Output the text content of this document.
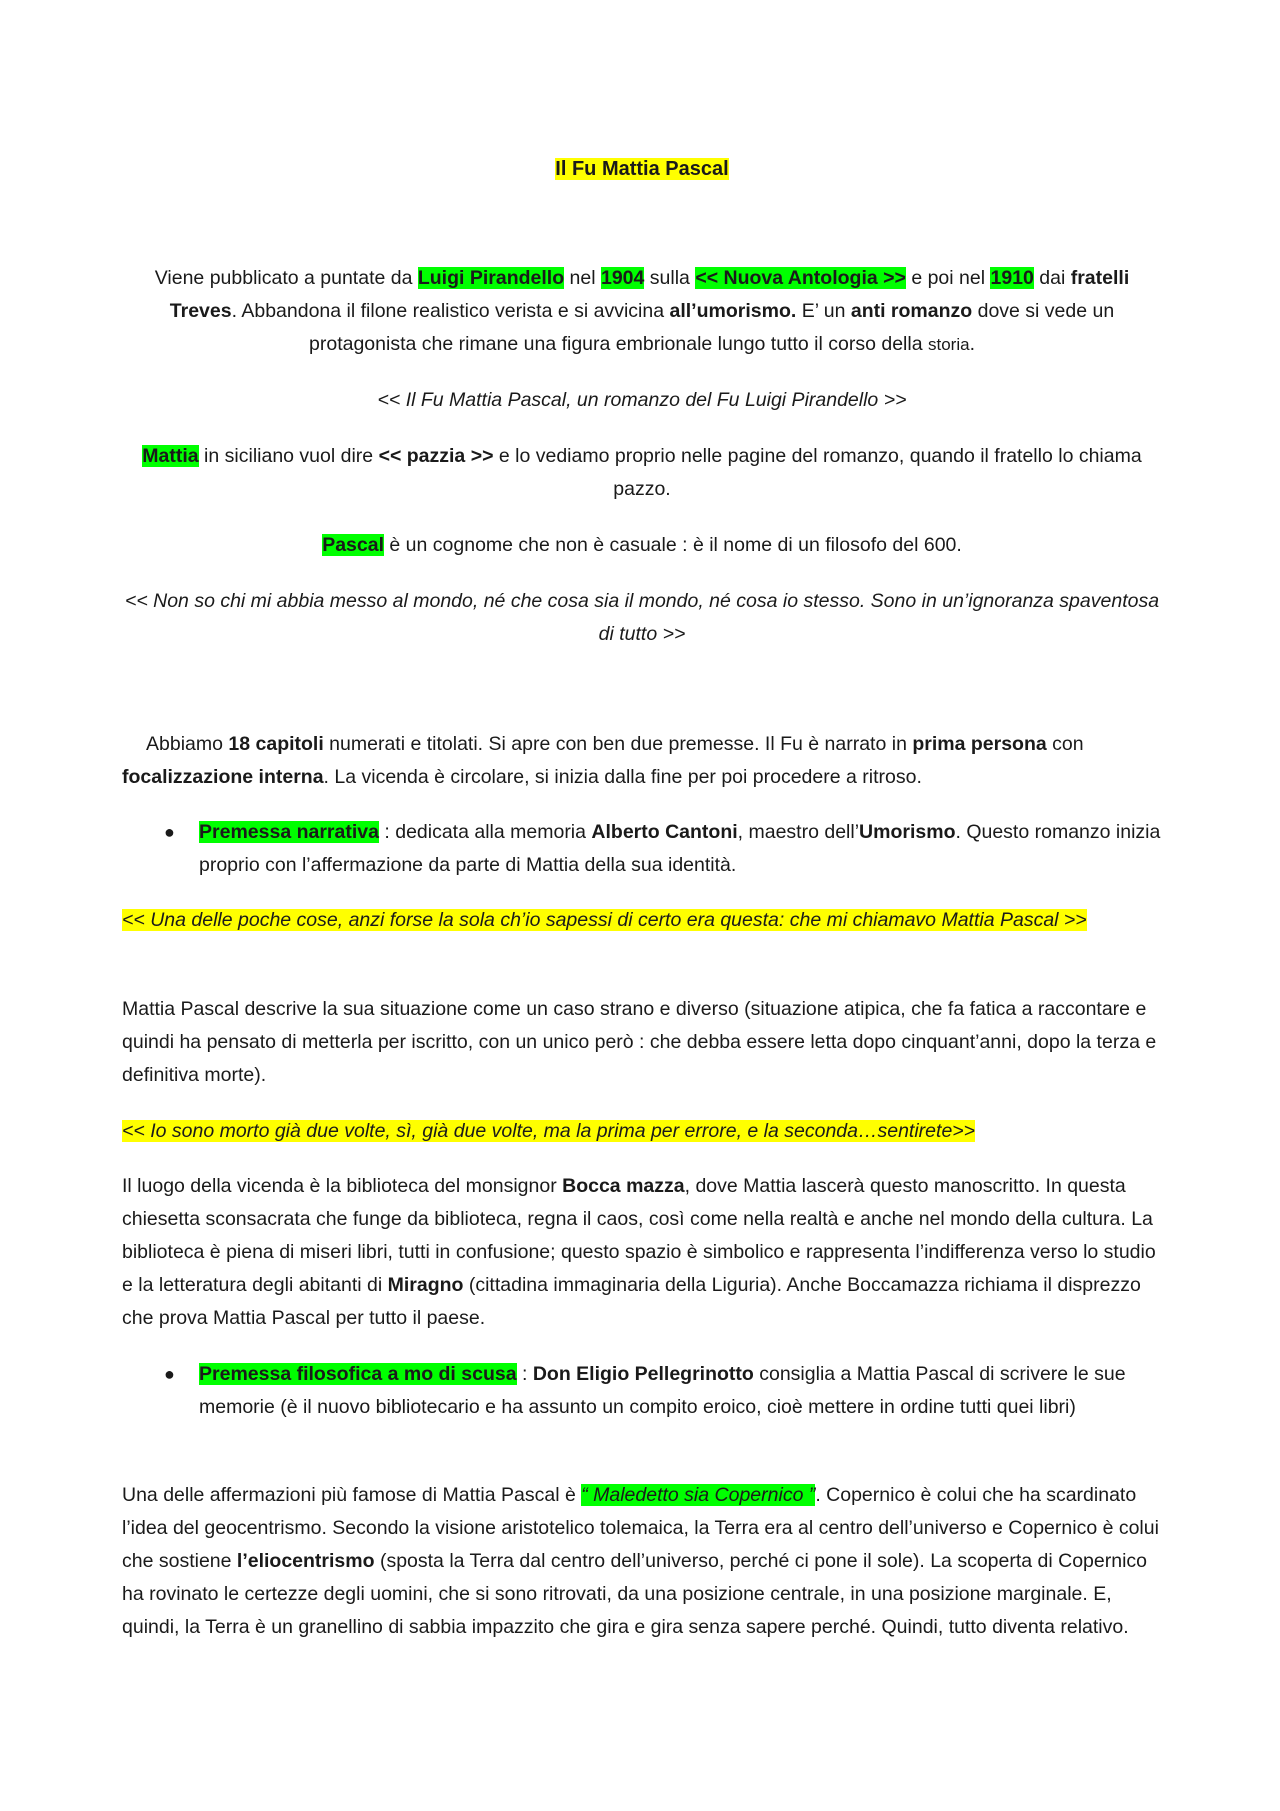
Il Fu Mattia Pascal

Viene pubblicato a puntate da Luigi Pirandello nel 1904 sulla << Nuova Antologia >> e poi nel 1910 dai fratelli Treves. Abbandona il filone realistico verista e si avvicina all’umorismo. E’ un anti romanzo dove si vede un protagonista che rimane una figura embrionale lungo tutto il corso della storia.

<< Il Fu Mattia Pascal, un romanzo del Fu Luigi Pirandello >>

Mattia in siciliano vuol dire << pazzia >> e lo vediamo proprio nelle pagine del romanzo, quando il fratello lo chiama pazzo.

Pascal è un cognome che non è casuale : è il nome di un filosofo del 600.

<< Non so chi mi abbia messo al mondo, né che cosa sia il mondo, né cosa io stesso. Sono in un’ignoranza spaventosa di tutto >>

Abbiamo 18 capitoli numerati e titolati. Si apre con ben due premesse. Il Fu è narrato in prima persona con focalizzazione interna. La vicenda è circolare, si inizia dalla fine per poi procedere a ritroso.

● Premessa narrativa : dedicata alla memoria Alberto Cantoni, maestro dell’Umorismo. Questo romanzo inizia proprio con l’affermazione da parte di Mattia della sua identità.

<< Una delle poche cose, anzi forse la sola ch’io sapessi di certo era questa: che mi chiamavo Mattia Pascal >>

Mattia Pascal descrive la sua situazione come un caso strano e diverso (situazione atipica, che fa fatica a raccontare e quindi ha pensato di metterla per iscritto, con un unico però : che debba essere letta dopo cinquant’anni, dopo la terza e definitiva morte).

<< Io sono morto già due volte, sì, già due volte, ma la prima per errore, e la seconda…sentirete>>

Il luogo della vicenda è la biblioteca del monsignor Bocca mazza, dove Mattia lascerà questo manoscritto. In questa chiesetta sconsacrata che funge da biblioteca, regna il caos, così come nella realtà e anche nel mondo della cultura. La biblioteca è piena di miseri libri, tutti in confusione; questo spazio è simbolico e rappresenta l’indifferenza verso lo studio e la letteratura degli abitanti di Miragno (cittadina immaginaria della Liguria). Anche Boccamazza richiama il disprezzo che prova Mattia Pascal per tutto il paese.

● Premessa filosofica a mo di scusa : Don Eligio Pellegrinotto consiglia a Mattia Pascal di scrivere le sue memorie (è il nuovo bibliotecario e ha assunto un compito eroico, cioè mettere in ordine tutti quei libri)

Una delle affermazioni più famose di Mattia Pascal è “ Maledetto sia Copernico ”. Copernico è colui che ha scardinato l’idea del geocentrismo. Secondo la visione aristotelico tolemaica, la Terra era al centro dell’universo e Copernico è colui che sostiene l’eliocentrismo (sposta la Terra dal centro dell’universo, perché ci pone il sole). La scoperta di Copernico ha rovinato le certezze degli uomini, che si sono ritrovati, da una posizione centrale, in una posizione marginale. E, quindi, la Terra è un granellino di sabbia impazzito che gira e gira senza sapere perché. Quindi, tutto diventa relativo.
